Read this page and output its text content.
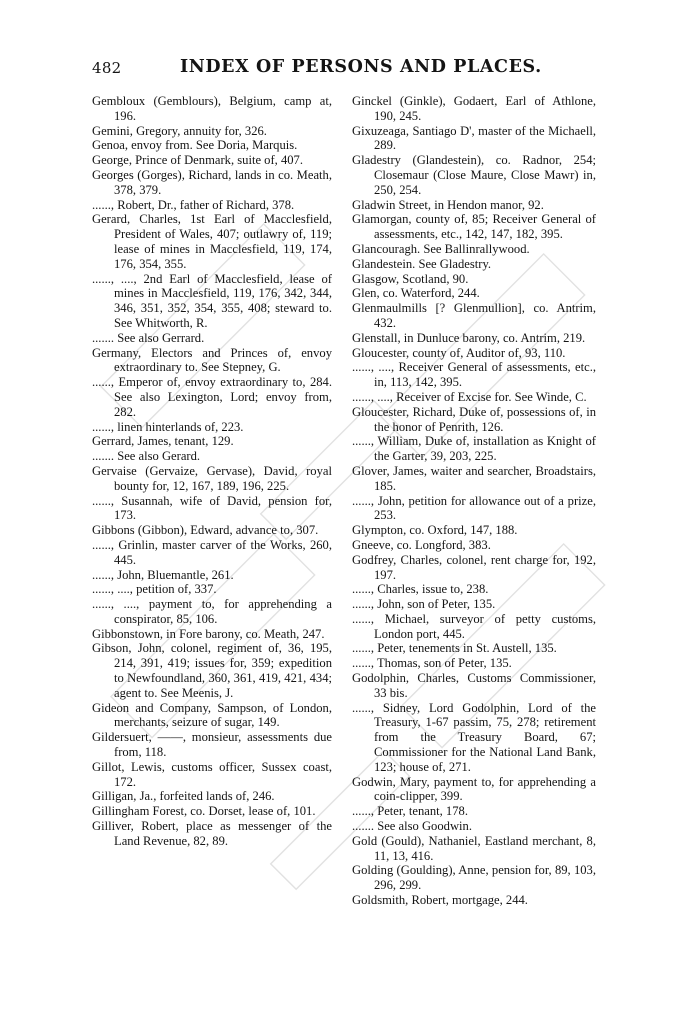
482	INDEX OF PERSONS AND PLACES.

Gembloux (Gemblours), Belgium, camp at, 196.

Gemini, Gregory, annuity for, 326.

Genoa, envoy from. See Doria, Marquis.

George, Prince of Denmark, suite of, 407.

Georges (Gorges), Richard, lands in co. Meath, 378, 379.

......, Robert, Dr., father of Richard, 378.

Gerard, Charles, 1st Earl of Macclesfield, President of Wales, 407; outlawry of, 119; lease of mines in Macclesfield, 119, 174, 176, 354, 355.

......, ...., 2nd Earl of Macclesfield, lease of mines in Macclesfield, 119, 176, 342, 344, 346, 351, 352, 354, 355, 408; steward to. See Whitworth, R.

....... See also Gerrard.

Germany, Electors and Princes of, envoy extraordinary to. See Stepney, G.

......, Emperor of, envoy extraordinary to, 284. See also Lexington, Lord; envoy from, 282.

......, linen hinterlands of, 223.

Gerrard, James, tenant, 129.

....... See also Gerard.

Gervaise (Gervaize, Gervase), David, royal bounty for, 12, 167, 189, 196, 225.

......, Susannah, wife of David, pension for, 173.

Gibbons (Gibbon), Edward, advance to, 307.

......, Grinlin, master carver of the Works, 260, 445.

......, John, Bluemantle, 261.

......, ...., petition of, 337.

......, ...., payment to, for apprehending a conspirator, 85, 106.

Gibbonstown, in Fore barony, co. Meath, 247.

Gibson, John, colonel, regiment of, 36, 195, 214, 391, 419; issues for, 359; expedition to Newfoundland, 360, 361, 419, 421, 434; agent to. See Meenis, J.

Gideon and Company, Sampson, of London, merchants, seizure of sugar, 149.

Gildersuert, ——, monsieur, assessments due from, 118.

Gillot, Lewis, customs officer, Sussex coast, 172.

Gilligan, Ja., forfeited lands of, 246.

Gillingham Forest, co. Dorset, lease of, 101.

Gilliver, Robert, place as messenger of the Land Revenue, 82, 89.

Ginckel (Ginkle), Godaert, Earl of Athlone, 190, 245.

Gixuzeaga, Santiago D', master of the Michaell, 289.

Gladestry (Glandestein), co. Radnor, 254; Closemaur (Close Maure, Close Mawr) in, 250, 254.

Gladwin Street, in Hendon manor, 92.

Glamorgan, county of, 85; Receiver General of assessments, etc., 142, 147, 182, 395.

Glancouragh. See Ballinrallywood.

Glandestein. See Gladestry.

Glasgow, Scotland, 90.

Glen, co. Waterford, 244.

Glenmaulmills [? Glenmullion], co. Antrim, 432.

Glenstall, in Dunluce barony, co. Antrim, 219.

Gloucester, county of, Auditor of, 93, 110.

......, ...., Receiver General of assessments, etc., in, 113, 142, 395.

......, ...., Receiver of Excise for. See Winde, C.

Gloucester, Richard, Duke of, possessions of, in the honor of Penrith, 126.

......, William, Duke of, installation as Knight of the Garter, 39, 203, 225.

Glover, James, waiter and searcher, Broadstairs, 185.

......, John, petition for allowance out of a prize, 253.

Glympton, co. Oxford, 147, 188.

Gneeve, co. Longford, 383.

Godfrey, Charles, colonel, rent charge for, 192, 197.

......, Charles, issue to, 238.

......, John, son of Peter, 135.

......, Michael, surveyor of petty customs, London port, 445.

......, Peter, tenements in St. Austell, 135.

......, Thomas, son of Peter, 135.

Godolphin, Charles, Customs Commissioner, 33 bis.

......, Sidney, Lord Godolphin, Lord of the Treasury, 1-67 passim, 75, 278; retirement from the Treasury Board, 67; Commissioner for the National Land Bank, 123; house of, 271.

Godwin, Mary, payment to, for apprehending a coin-clipper, 399.

......, Peter, tenant, 178.

....... See also Goodwin.

Gold (Gould), Nathaniel, Eastland merchant, 8, 11, 13, 416.

Golding (Goulding), Anne, pension for, 89, 103, 296, 299.

Goldsmith, Robert, mortgage, 244.
